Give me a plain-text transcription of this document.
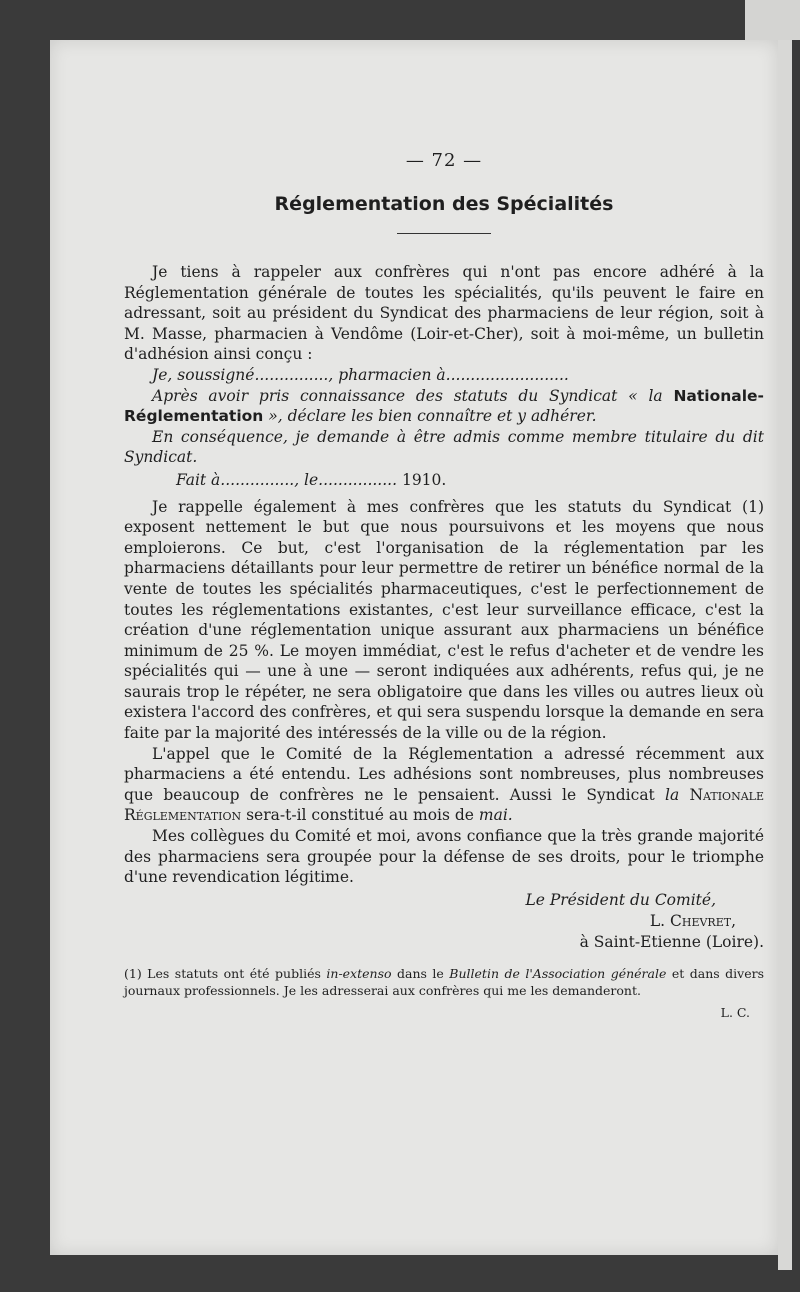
— 72 —
Réglementation des Spécialités

Je tiens à rappeler aux confrères qui n'ont pas encore adhéré à la Réglementation générale de toutes les spécialités, qu'ils peuvent le faire en adressant, soit au président du Syndicat des pharmaciens de leur région, soit à M. Masse, pharmacien à Vendôme (Loir-et-Cher), soit à moi-même, un bulletin d'adhésion ainsi conçu :

Je, soussigné..............., pharmacien à.........................

Après avoir pris connaissance des statuts du Syndicat « la Nationale-Réglementation », déclare les bien connaître et y adhérer.

En conséquence, je demande à être admis comme membre titulaire du dit Syndicat.

Fait à..............., le................ 1910.

Je rappelle également à mes confrères que les statuts du Syndicat (1) exposent nettement le but que nous poursuivons et les moyens que nous emploierons. Ce but, c'est l'organisation de la réglementation par les pharmaciens détaillants pour leur permettre de retirer un bénéfice normal de la vente de toutes les spécialités pharmaceutiques, c'est le perfectionnement de toutes les réglementations existantes, c'est leur surveillance efficace, c'est la création d'une réglementation unique assurant aux pharmaciens un bénéfice minimum de 25 %. Le moyen immédiat, c'est le refus d'acheter et de vendre les spécialités qui — une à une — seront indiquées aux adhérents, refus qui, je ne saurais trop le répéter, ne sera obligatoire que dans les villes ou autres lieux où existera l'accord des confrères, et qui sera suspendu lorsque la demande en sera faite par la majorité des intéressés de la ville ou de la région.

L'appel que le Comité de la Réglementation a adressé récemment aux pharmaciens a été entendu. Les adhésions sont nombreuses, plus nombreuses que beaucoup de confrères ne le pensaient. Aussi le Syndicat la Nationale Réglementation sera-t-il constitué au mois de mai.

Mes collègues du Comité et moi, avons confiance que la très grande majorité des pharmaciens sera groupée pour la défense de ses droits, pour le triomphe d'une revendication légitime.

Le Président du Comité,
L. Chevret,
à Saint-Etienne (Loire).

(1) Les statuts ont été publiés in-extenso dans le Bulletin de l'Association générale et dans divers journaux professionnels. Je les adresserai aux confrères qui me les demanderont.

L. C.
